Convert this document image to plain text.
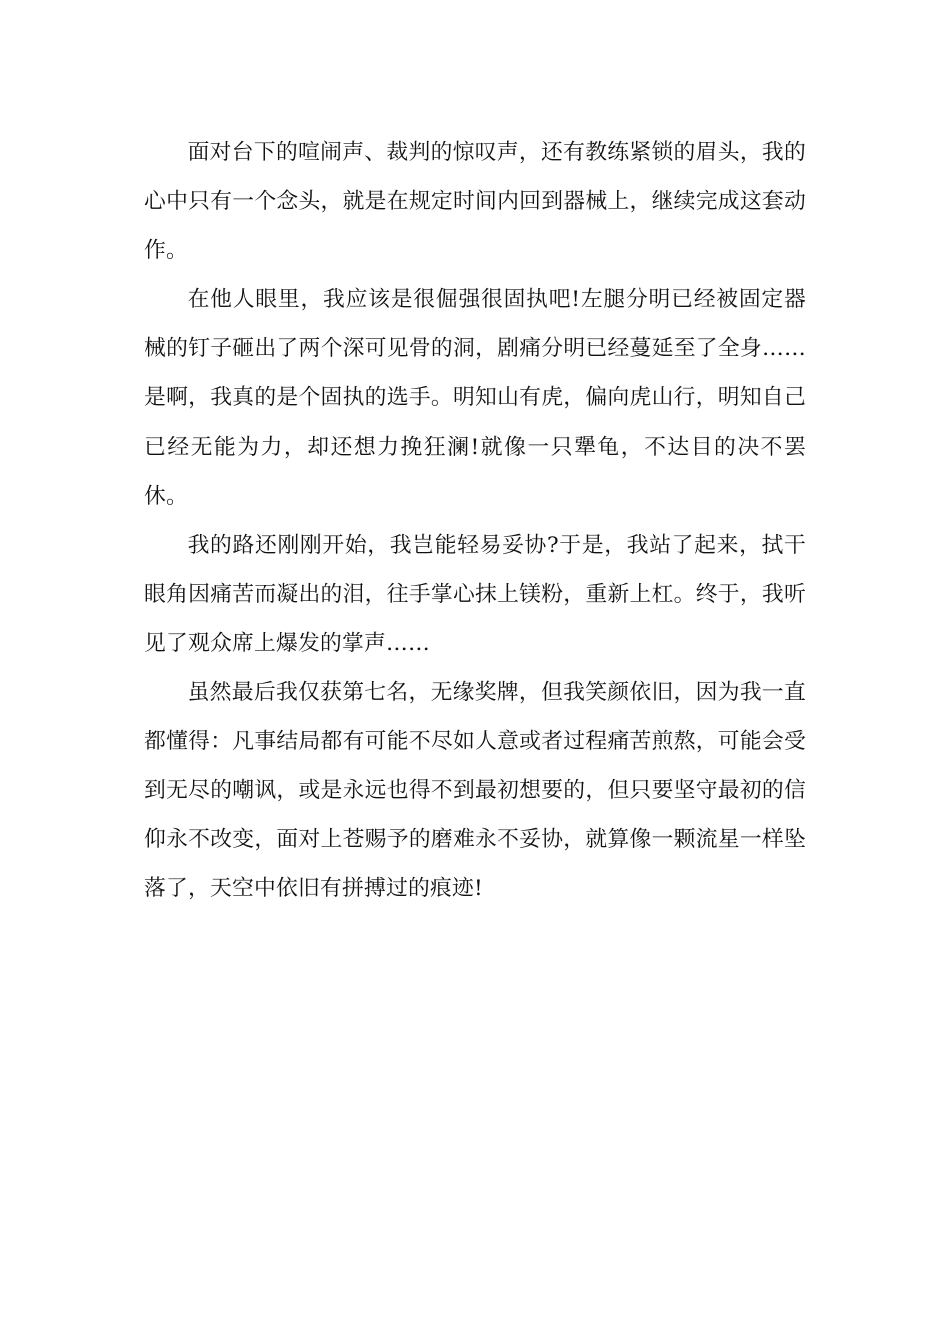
面对台下的喧闹声、裁判的惊叹声，还有教练紧锁的眉头，我的心中只有一个念头，就是在规定时间内回到器械上，继续完成这套动作。

在他人眼里，我应该是很倔强很固执吧!左腿分明已经被固定器械的钉子砸出了两个深可见骨的洞，剧痛分明已经蔓延至了全身……是啊，我真的是个固执的选手。明知山有虎，偏向虎山行，明知自己已经无能为力，却还想力挽狂澜!就像一只犟龟，不达目的决不罢休。

我的路还刚刚开始，我岂能轻易妥协?于是，我站了起来，拭干眼角因痛苦而凝出的泪，往手掌心抹上镁粉，重新上杠。终于，我听见了观众席上爆发的掌声……

虽然最后我仅获第七名，无缘奖牌，但我笑颜依旧，因为我一直都懂得：凡事结局都有可能不尽如人意或者过程痛苦煎熬，可能会受到无尽的嘲讽，或是永远也得不到最初想要的，但只要坚守最初的信仰永不改变，面对上苍赐予的磨难永不妥协，就算像一颗流星一样坠落了，天空中依旧有拼搏过的痕迹!
